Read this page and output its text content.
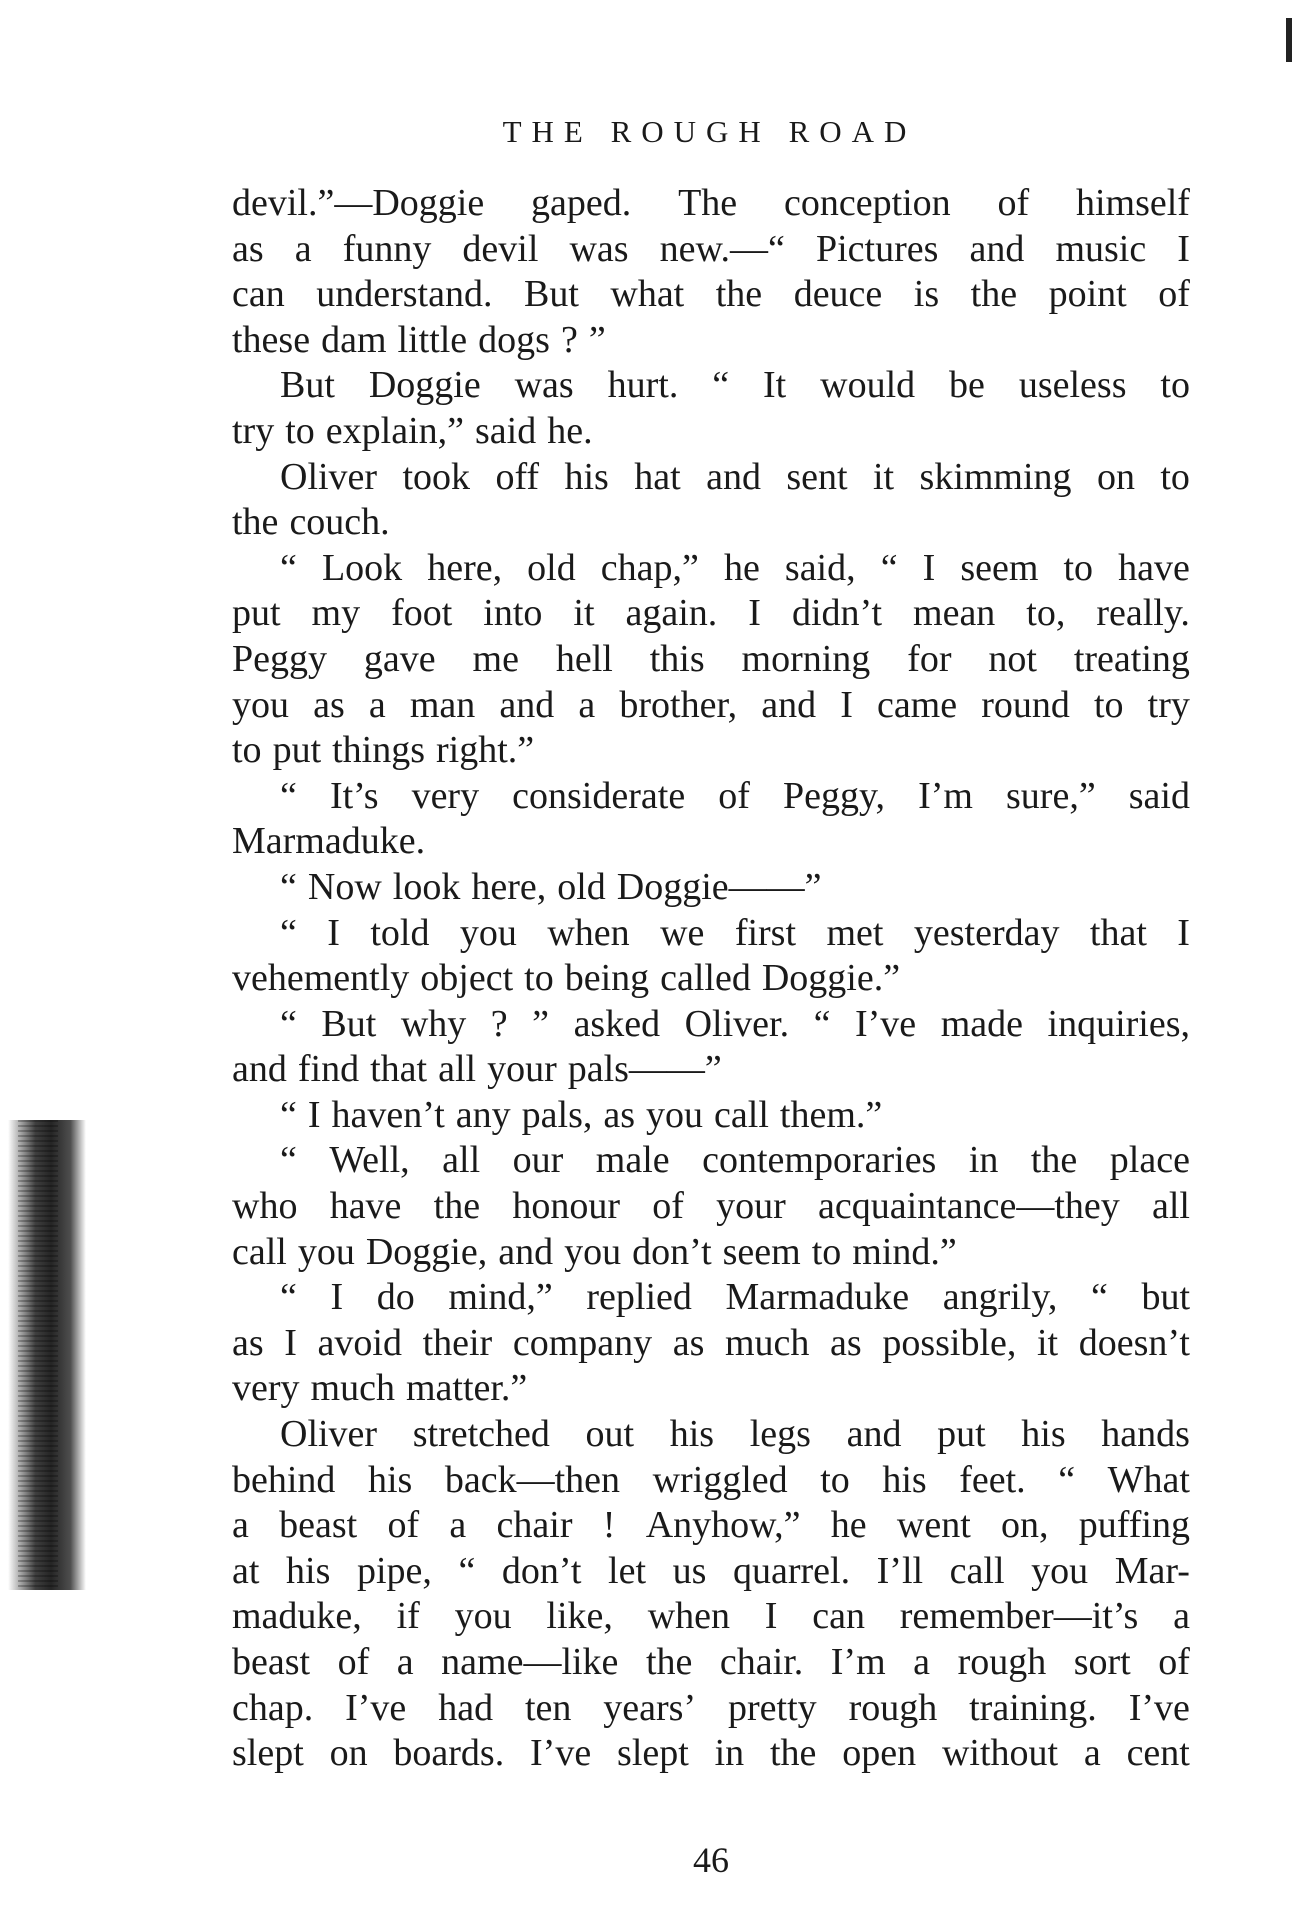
THE ROUGH ROAD
devil.”—Doggie gaped. The conception of himself
as a funny devil was new.—“ Pictures and music I
can understand. But what the deuce is the point of
these dam little dogs ? ”
But Doggie was hurt. “ It would be useless to
try to explain,” said he.
Oliver took off his hat and sent it skimming on to
the couch.
“ Look here, old chap,” he said, “ I seem to have
put my foot into it again. I didn’t mean to, really.
Peggy gave me hell this morning for not treating
you as a man and a brother, and I came round to try
to put things right.”
“ It’s very considerate of Peggy, I’m sure,” said
Marmaduke.
“ Now look here, old Doggie——”
“ I told you when we first met yesterday that I
vehemently object to being called Doggie.”
“ But why ? ” asked Oliver. “ I’ve made inquiries,
and find that all your pals——”
“ I haven’t any pals, as you call them.”
“ Well, all our male contemporaries in the place
who have the honour of your acquaintance—they all
call you Doggie, and you don’t seem to mind.”
“ I do mind,” replied Marmaduke angrily, “ but
as I avoid their company as much as possible, it doesn’t
very much matter.”
Oliver stretched out his legs and put his hands
behind his back—then wriggled to his feet. “ What
a beast of a chair ! Anyhow,” he went on, puffing
at his pipe, “ don’t let us quarrel. I’ll call you Mar-
maduke, if you like, when I can remember—it’s a
beast of a name—like the chair. I’m a rough sort of
chap. I’ve had ten years’ pretty rough training. I’ve
slept on boards. I’ve slept in the open without a cent
46
